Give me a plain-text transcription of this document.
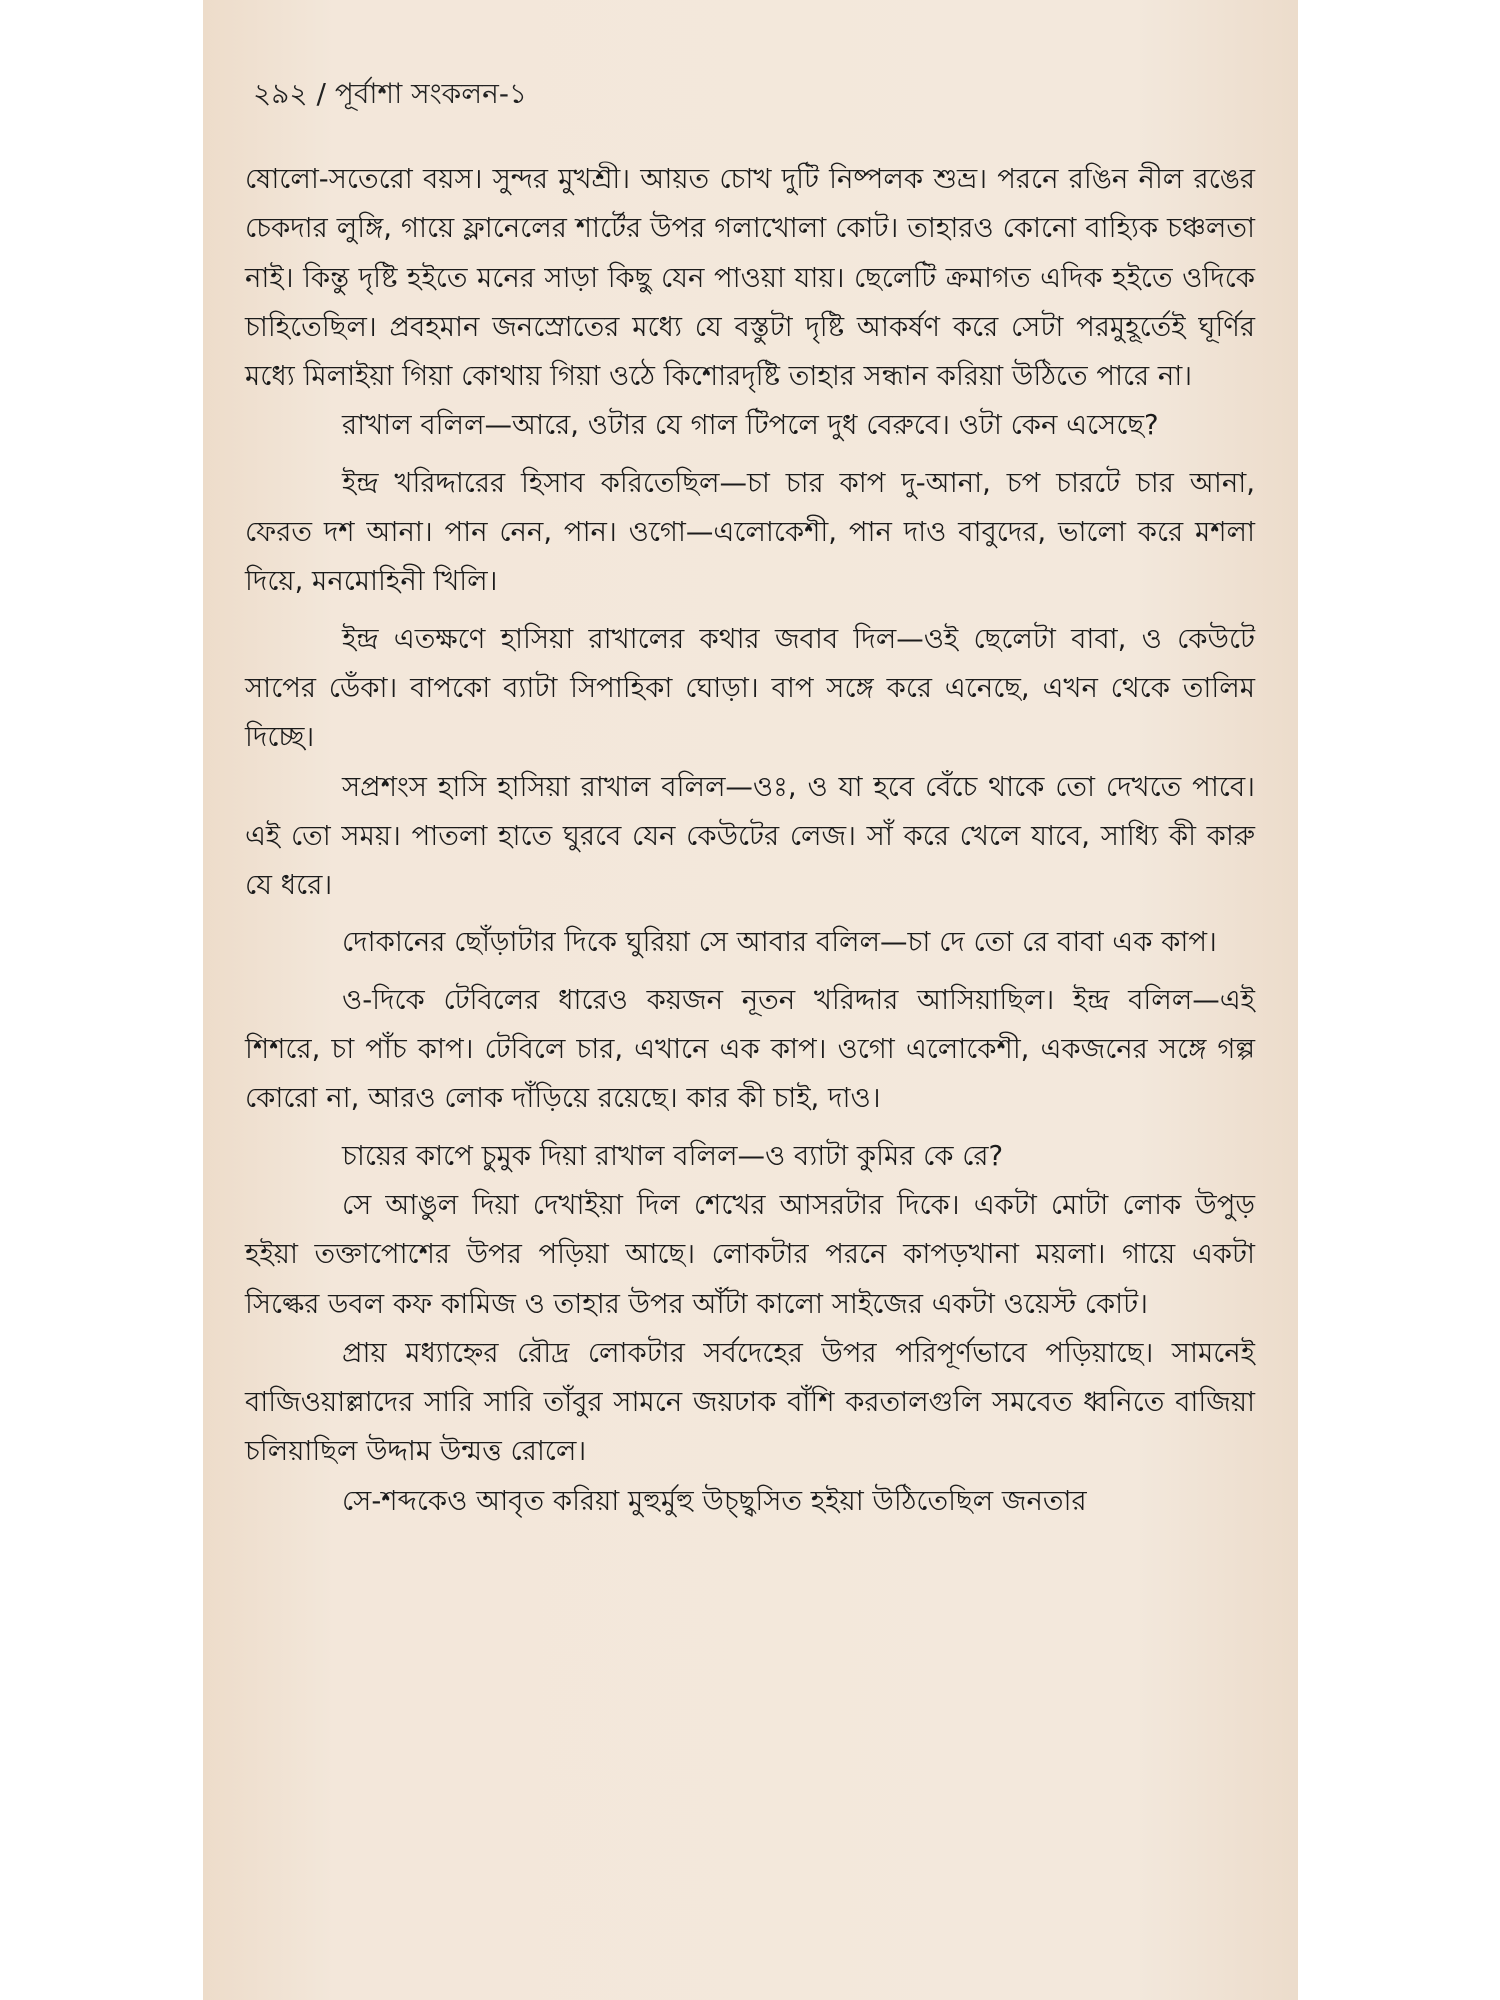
২৯২ / পূর্বাশা সংকলন-১

ষোলো-সতেরো বয়স। সুন্দর মুখশ্রী। আয়ত চোখ দুটি নিষ্পলক শুভ্র। পরনে রঙিন নীল রঙের চেকদার লুঙ্গি, গায়ে ফ্লানেলের শার্টের উপর গলাখোলা কোট। তাহারও কোনো বাহ্যিক চঞ্চলতা নাই। কিন্তু দৃষ্টি হইতে মনের সাড়া কিছু যেন পাওয়া যায়। ছেলেটি ক্রমাগত এদিক হইতে ওদিকে চাহিতেছিল। প্রবহমান জনস্রোতের মধ্যে যে বস্তুটা দৃষ্টি আকর্ষণ করে সেটা পরমুহূর্তেই ঘূর্ণির মধ্যে মিলাইয়া গিয়া কোথায় গিয়া ওঠে কিশোরদৃষ্টি তাহার সন্ধান করিয়া উঠিতে পারে না।

রাখাল বলিল—আরে, ওটার যে গাল টিপলে দুধ বেরুবে। ওটা কেন এসেছে?

ইন্দ্র খরিদ্দারের হিসাব করিতেছিল—চা চার কাপ দু-আনা, চপ চারটে চার আনা, ফেরত দশ আনা। পান নেন, পান। ওগো—এলোকেশী, পান দাও বাবুদের, ভালো করে মশলা দিয়ে, মনমোহিনী খিলি।

ইন্দ্র এতক্ষণে হাসিয়া রাখালের কথার জবাব দিল—ওই ছেলেটা বাবা, ও কেউটে সাপের ডেঁকা। বাপকো ব্যাটা সিপাহিকা ঘোড়া। বাপ সঙ্গে করে এনেছে, এখন থেকে তালিম দিচ্ছে।

সপ্রশংস হাসি হাসিয়া রাখাল বলিল—ওঃ, ও যা হবে বেঁচে থাকে তো দেখতে পাবে। এই তো সময়। পাতলা হাতে ঘুরবে যেন কেউটের লেজ। সাঁ করে খেলে যাবে, সাধ্যি কী কারু যে ধরে।

দোকানের ছোঁড়াটার দিকে ঘুরিয়া সে আবার বলিল—চা দে তো রে বাবা এক কাপ।

ও-দিকে টেবিলের ধারেও কয়জন নূতন খরিদ্দার আসিয়াছিল। ইন্দ্র বলিল—এই শিশরে, চা পাঁচ কাপ। টেবিলে চার, এখানে এক কাপ। ওগো এলোকেশী, একজনের সঙ্গে গল্প কোরো না, আরও লোক দাঁড়িয়ে রয়েছে। কার কী চাই, দাও।

চায়ের কাপে চুমুক দিয়া রাখাল বলিল—ও ব্যাটা কুমির কে রে?

সে আঙুল দিয়া দেখাইয়া দিল শেখের আসরটার দিকে। একটা মোটা লোক উপুড় হইয়া তক্তাপোশের উপর পড়িয়া আছে। লোকটার পরনে কাপড়খানা ময়লা। গায়ে একটা সিল্কের ডবল কফ কামিজ ও তাহার উপর আঁটা কালো সাইজের একটা ওয়েস্ট কোট।

প্রায় মধ্যাহ্নের রৌদ্র লোকটার সর্বদেহের উপর পরিপূর্ণভাবে পড়িয়াছে। সামনেই বাজিওয়াল্লাদের সারি সারি তাঁবুর সামনে জয়ঢাক বাঁশি করতালগুলি সমবেত ধ্বনিতে বাজিয়া চলিয়াছিল উদ্দাম উন্মত্ত রোলে।

সে-শব্দকেও আবৃত করিয়া মুহুর্মুহু উচ্ছ্বসিত হইয়া উঠিতেছিল জনতার
